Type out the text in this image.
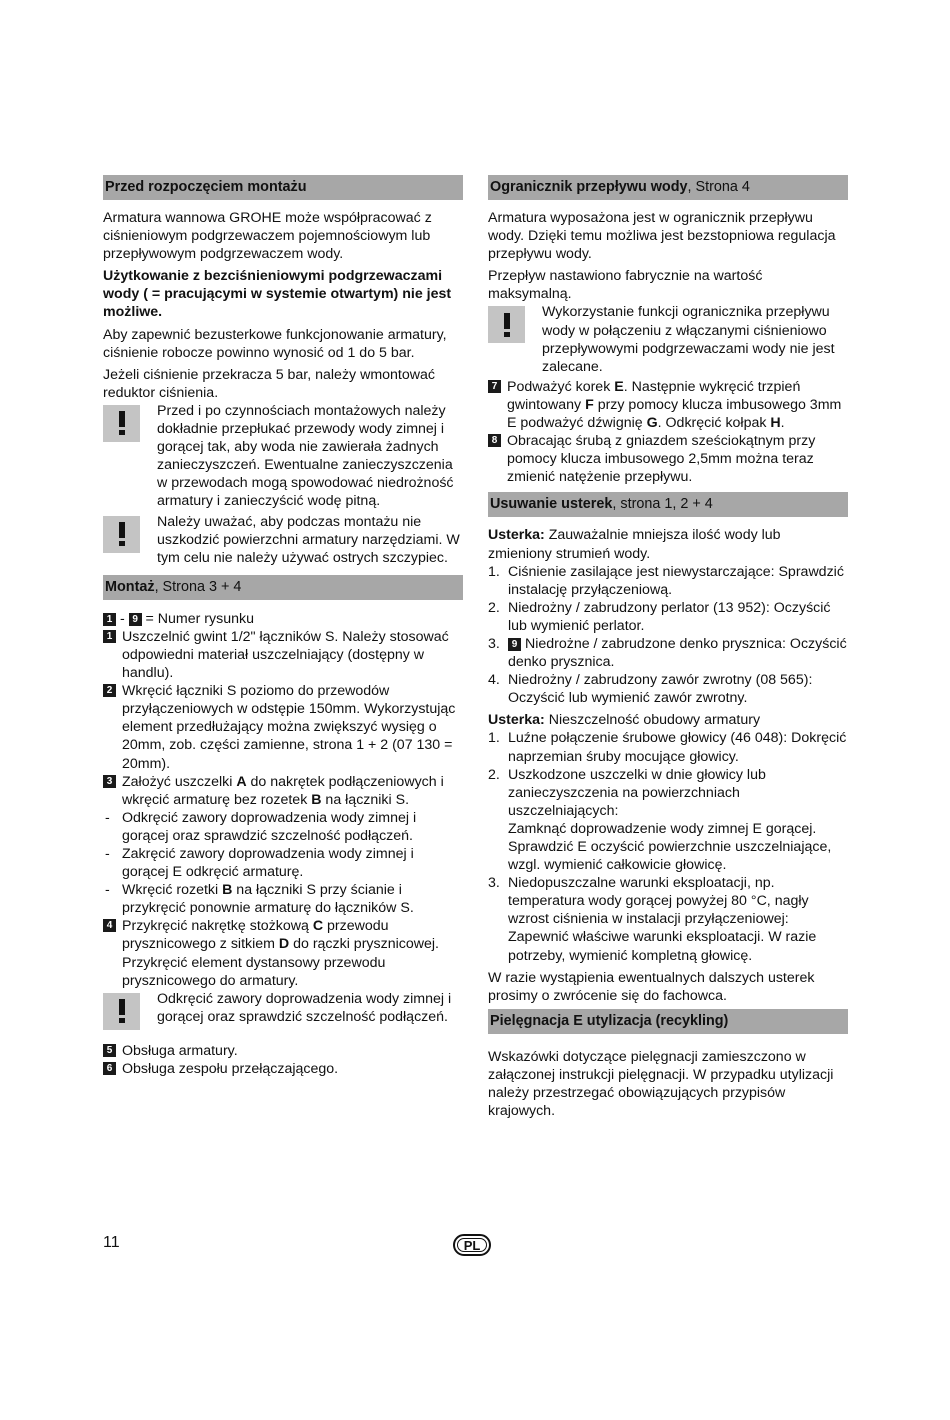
Przed rozpoczęciem montażu

Armatura wannowa GROHE może współpracować z ciśnieniowym podgrzewaczem pojemnościowym lub przepływowym podgrzewaczem wody.

Użytkowanie z bezciśnieniowymi podgrzewaczami wody ( = pracującymi w systemie otwartym) nie jest możliwe.

Aby zapewnić bezusterkowe funkcjonowanie armatury, ciśnienie robocze powinno wynosić od 1 do 5 bar.

Jeżeli ciśnienie przekracza 5 bar, należy wmontować reduktor ciśnienia.

Przed i po czynnościach montażowych należy dokładnie przepłukać przewody wody zimnej i gorącej tak, aby woda nie zawierała żadnych zanieczyszczeń. Ewentualne zanieczyszczenia w przewodach mogą spowodować niedrożność armatury i zanieczyścić wodę pitną.
Należy uważać, aby podczas montażu nie uszkodzić powierzchni armatury narzędziami. W tym celu nie należy używać ostrych szczypiec.
Montaż, Strona 3 + 4
1 - 9 = Numer rysunku
1 Uszczelnić gwint 1/2" łączników S. Należy stosować odpowiedni materiał uszczelniający (dostępny w handlu).
2 Wkręcić łączniki S poziomo do przewodów przyłączeniowych w odstępie 150mm. Wykorzystując element przedłużający można zwiększyć wysięg o 20mm, zob. części zamienne, strona 1 + 2 (07 130 = 20mm).
3 Założyć uszczelki A do nakrętek podłączeniowych i wkręcić armaturę bez rozetek B na łączniki S.
- Odkręcić zawory doprowadzenia wody zimnej i gorącej oraz sprawdzić szczelność podłączeń.
- Zakręcić zawory doprowadzenia wody zimnej i gorącej E odkręcić armaturę.
- Wkręcić rozetki B na łączniki S przy ścianie i przykręcić ponownie armaturę do łączników S.
4 Przykręcić nakrętkę stożkową C przewodu prysznicowego z sitkiem D do rączki prysznicowej. Przykręcić element dystansowy przewodu prysznicowego do armatury.
Odkręcić zawory doprowadzenia wody zimnej i gorącej oraz sprawdzić szczelność podłączeń.
5 Obsługa armatury.
6 Obsługa zespołu przełączającego.
Ogranicznik przepływu wody, Strona 4

Armatura wyposażona jest w ogranicznik przepływu wody. Dzięki temu możliwa jest bezstopniowa regulacja przepływu wody.

Przepływ nastawiono fabrycznie na wartość maksymalną.

Wykorzystanie funkcji ogranicznika przepływu wody w połączeniu z włączanymi ciśnieniowo przepływowymi podgrzewaczami wody nie jest zalecane.
7 Podważyć korek E. Następnie wykręcić trzpień gwintowany F przy pomocy klucza imbusowego 3mm E podważyć dźwignię G. Odkręcić kołpak H.
8 Obracając śrubą z gniazdem sześciokątnym przy pomocy klucza imbusowego 2,5mm można teraz zmienić natężenie przepływu.
Usuwanie usterek, strona 1, 2 + 4
Usterka: Zauważalnie mniejsza ilość wody lub zmieniony strumień wody.
1. Ciśnienie zasilające jest niewystarczające: Sprawdzić instalację przyłączeniową.
2. Niedrożny / zabrudzony perlator (13 952): Oczyścić lub wymienić perlator.
3. 9 Niedrożne / zabrudzone denko prysznica: Oczyścić denko prysznica.
4. Niedrożny / zabrudzony zawór zwrotny (08 565): Oczyścić lub wymienić zawór zwrotny.
Usterka: Nieszczelność obudowy armatury
1. Luźne połączenie śrubowe głowicy (46 048): Dokręcić naprzemian śruby mocujące głowicy.
2. Uszkodzone uszczelki w dnie głowicy lub zanieczyszczenia na powierzchniach uszczelniających:
Zamknąć doprowadzenie wody zimnej E gorącej. Sprawdzić E oczyścić powierzchnie uszczelniające, wzgl. wymienić całkowicie głowicę.
3. Niedopuszczalne warunki eksploatacji, np. temperatura wody gorącej powyżej 80 °C, nagły wzrost ciśnienia w instalacji przyłączeniowej: Zapewnić właściwe warunki eksploatacji. W razie potrzeby, wymienić kompletną głowicę.

W razie wystąpienia ewentualnych dalszych usterek prosimy o zwrócenie się do fachowca.

Pielęgnacja E utylizacja (recykling)

Wskazówki dotyczące pielęgnacji zamieszczono w załączonej instrukcji pielęgnacji. W przypadku utylizacji należy przestrzegać obowiązujących przypisów krajowych.

11	PL
